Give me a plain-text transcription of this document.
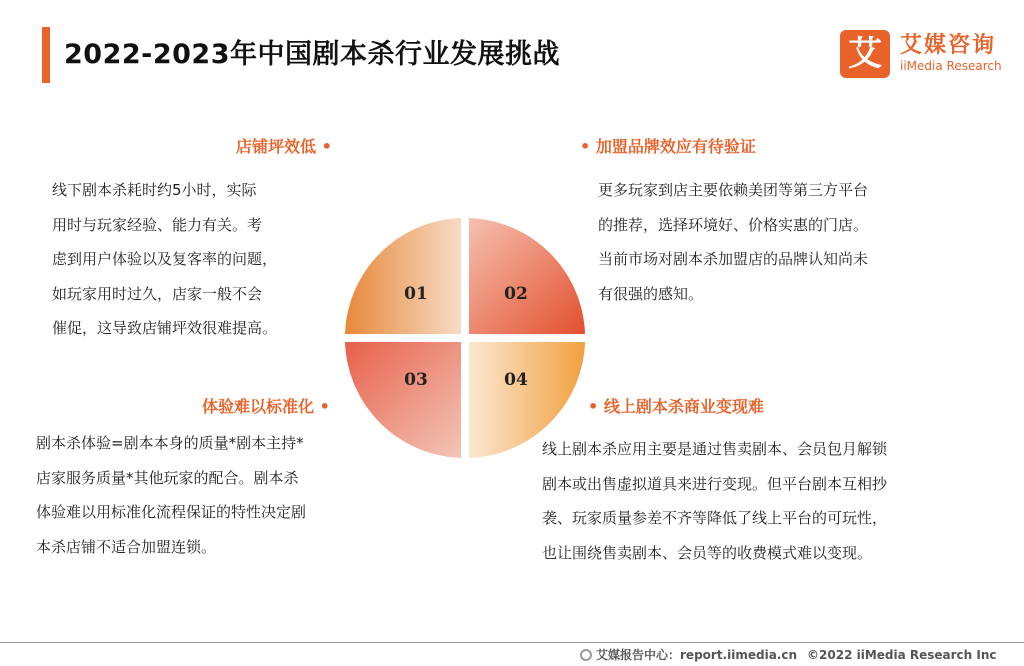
2022-2023年中国剧本杀行业发展挑战	艾 艾媒咨询
iiMedia Research
01	02
03	04
店铺坪效低 •
线下剧本杀耗时约5小时，实际
用时与玩家经验、能力有关。考
虑到用户体验以及复客率的问题，
如玩家用时过久，店家一般不会
催促，这导致店铺坪效很难提高。
• 加盟品牌效应有待验证
更多玩家到店主要依赖美团等第三方平台
的推荐，选择环境好、价格实惠的门店。
当前市场对剧本杀加盟店的品牌认知尚未
有很强的感知。
体验难以标准化 •
剧本杀体验=剧本本身的质量*剧本主持*
店家服务质量*其他玩家的配合。剧本杀
体验难以用标准化流程保证的特性决定剧
本杀店铺不适合加盟连锁。
• 线上剧本杀商业变现难
线上剧本杀应用主要是通过售卖剧本、会员包月解锁
剧本或出售虚拟道具来进行变现。但平台剧本互相抄
袭、玩家质量参差不齐等降低了线上平台的可玩性，
也让围绕售卖剧本、会员等的收费模式难以变现。
艾媒报告中心：report.iimedia.cn ©2022 iiMedia Research Inc
